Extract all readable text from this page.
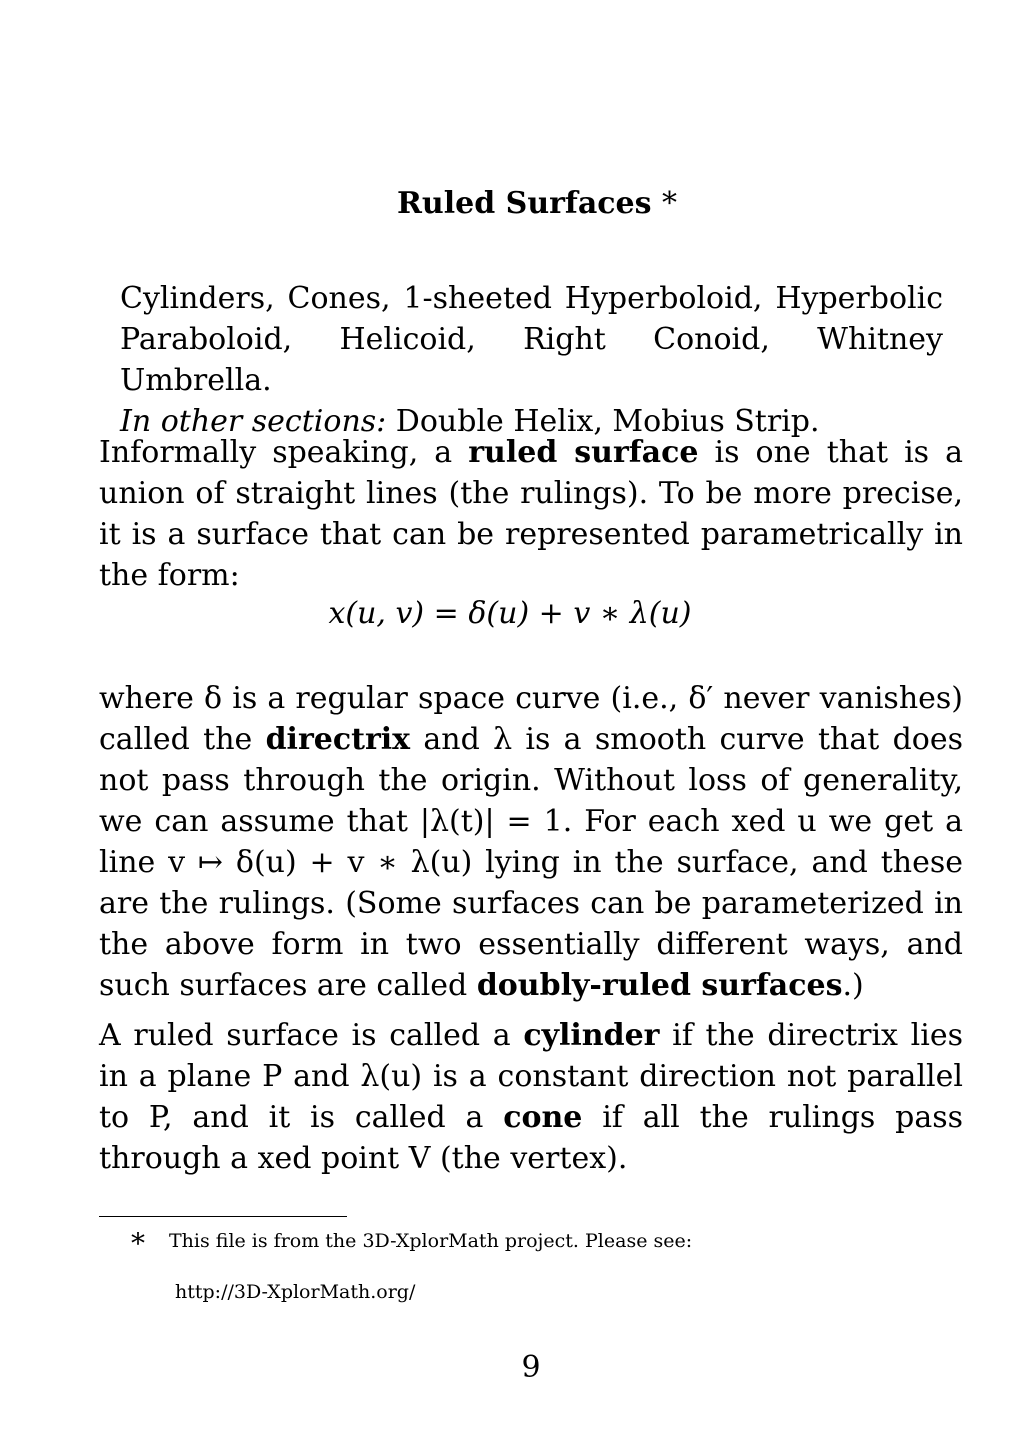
Ruled Surfaces *
Cylinders, Cones, 1-sheeted Hyperboloid, Hyperbolic Paraboloid, Helicoid, Right Conoid, Whitney Umbrella.
In other sections: Double Helix, Mobius Strip.
Informally speaking, a ruled surface is one that is a union of straight lines (the rulings). To be more precise, it is a surface that can be represented parametrically in the form:
x(u, v) = δ(u) + v ∗ λ(u)
where δ is a regular space curve (i.e., δ′ never vanishes) called the directrix and λ is a smooth curve that does not pass through the origin. Without loss of generality, we can assume that |λ(t)| = 1. For each xed u we get a line v ↦ δ(u) + v ∗ λ(u) lying in the surface, and these are the rulings. (Some surfaces can be parameterized in the above form in two essentially different ways, and such surfaces are called doubly-ruled surfaces.)
A ruled surface is called a cylinder if the directrix lies in a plane P and λ(u) is a constant direction not parallel to P, and it is called a cone if all the rulings pass through a xed point V (the vertex).
* This file is from the 3D-XplorMath project. Please see:
http://3D-XplorMath.org/
9
